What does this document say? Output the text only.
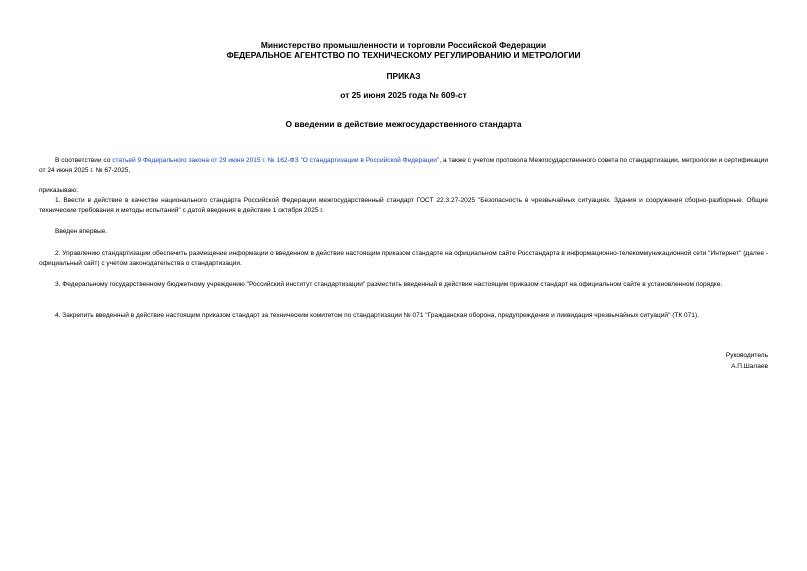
Министерство промышленности и торговли Российской Федерации
ФЕДЕРАЛЬНОЕ АГЕНТСТВО ПО ТЕХНИЧЕСКОМУ РЕГУЛИРОВАНИЮ И МЕТРОЛОГИИ
ПРИКАЗ
от 25 июня 2025 года № 609-ст
О введении в действие межгосударственного стандарта
В соответствии со статьей 9 Федерального закона от 29 июня 2015 г. № 162-ФЗ "О стандартизации в Российской Федерации", а также с учетом протокола Межгосударственного совета по стандартизации, метрологии и сертификации от 24 июня 2025 г. № 67-2025,
приказываю:
1. Ввести в действие в качестве национального стандарта Российской Федерации межгосударственный стандарт ГОСТ 22.3.27-2025 "Безопасность в чрезвычайных ситуациях. Здания и сооружения сборно-разборные. Общие технические требования и методы испытаний" с датой введения в действие 1 октября 2025 г.
Введен впервые.
2. Управлению стандартизации обеспечить размещение информации о введенном в действие настоящим приказом стандарте на официальном сайте Росстандарта в информационно-телекоммуникационной сети "Интернет" (далее - официальный сайт) с учетом законодательства о стандартизации.
3. Федеральному государственному бюджетному учреждению "Российский институт стандартизации" разместить введенный в действие настоящим приказом стандарт на официальном сайте в установленном порядке.
4. Закрепить введенный в действие настоящим приказом стандарт за техническим комитетом по стандартизации № 071 "Гражданская оборона, предупреждение и ликвидация чрезвычайных ситуаций" (ТК 071).
Руководитель
А.П.Шалаев
